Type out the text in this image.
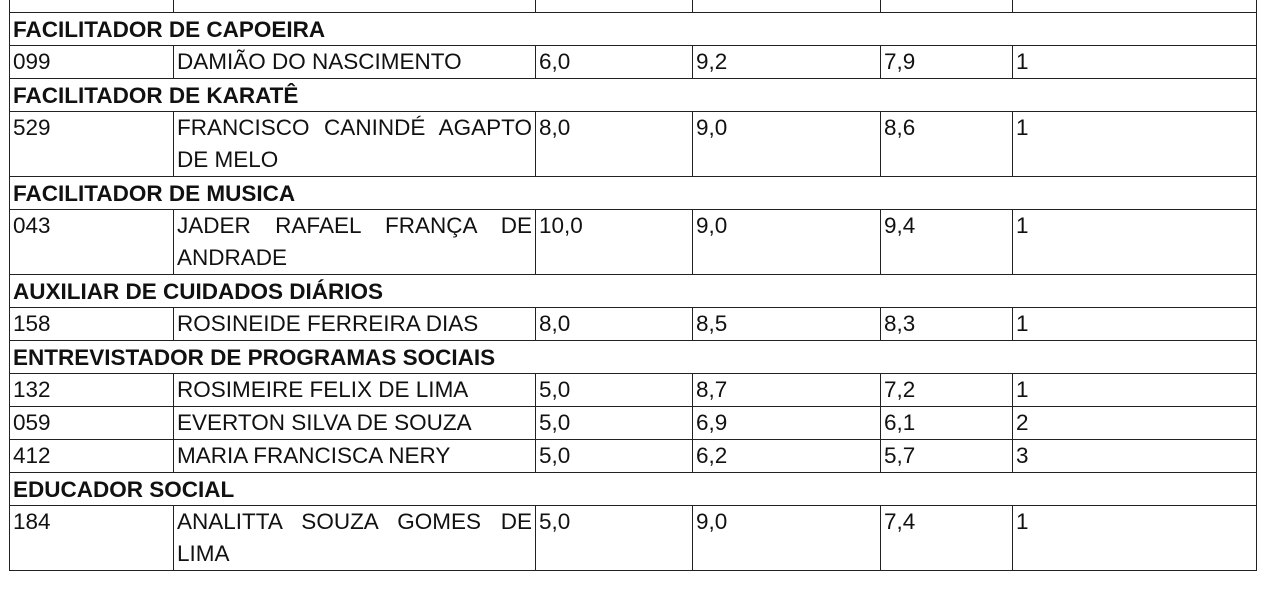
FACILITADOR DE CAPOEIRA					
099	DAMIÃO DO NASCIMENTO	6,0	9,2	7,9	1
FACILITADOR DE KARATÊ					
529	FRANCISCO CANINDÉ AGAPTO DE MELO	8,0	9,0	8,6	1
FACILITADOR DE MUSICA					
043	JADER RAFAEL FRANÇA DE ANDRADE	10,0	9,0	9,4	1
AUXILIAR DE CUIDADOS DIÁRIOS					
158	ROSINEIDE FERREIRA DIAS	8,0	8,5	8,3	1
ENTREVISTADOR DE PROGRAMAS SOCIAIS					
132	ROSIMEIRE FELIX DE LIMA	5,0	8,7	7,2	1
059	EVERTON SILVA DE SOUZA	5,0	6,9	6,1	2
412	MARIA FRANCISCA NERY	5,0	6,2	5,7	3
EDUCADOR SOCIAL					
184	ANALITTA SOUZA GOMES DE LIMA	5,0	9,0	7,4	1
